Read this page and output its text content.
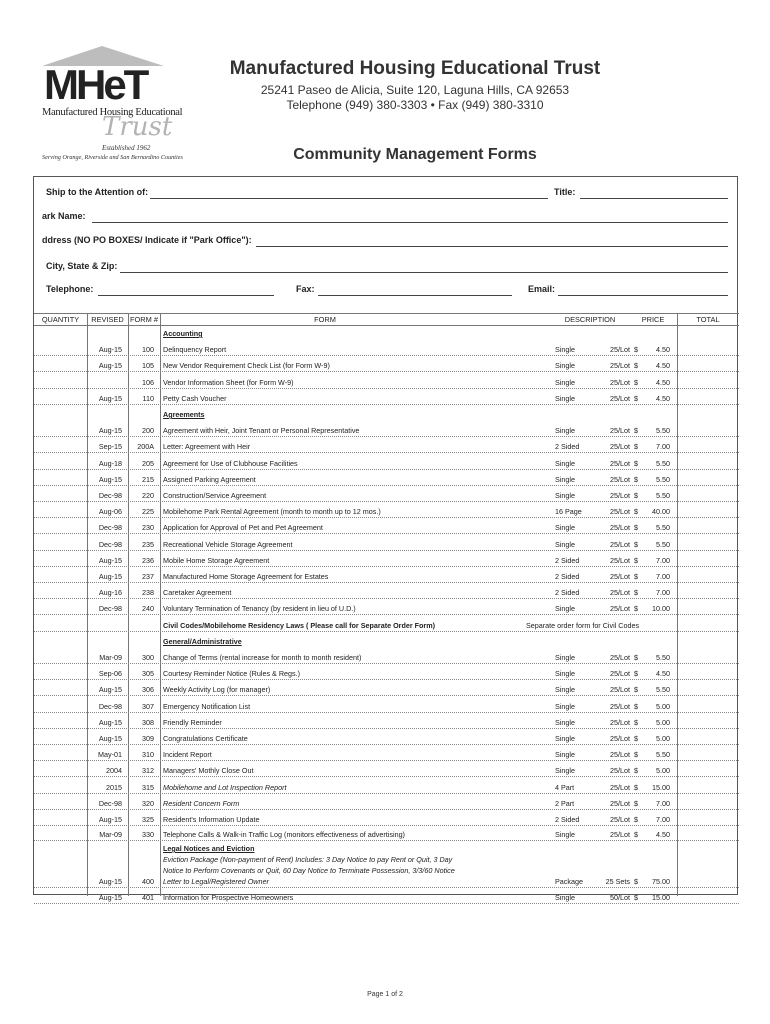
MHeT
Manufactured Housing Educational
Trust
Established 1962
Serving Orange, Riverside and San Bernardino Counties
Manufactured Housing Educational Trust
25241 Paseo de Alicia, Suite 120, Laguna Hills, CA 92653
Telephone (949) 380-3303 • Fax (949) 380-3310
Community Management Forms
Ship to the Attention of:	Title:
ark Name:
ddress (NO PO BOXES/ Indicate if "Park Office"):
City, State & Zip:
Telephone:	Fax:	Email:
QUANTITY	REVISED FORM #	FORM	DESCRIPTION	PRICE	TOTAL
Accounting
Aug-15	100 Delinquency Report	Single	25/Lot $	4.50
Aug-15	105 New Vendor Requirement Check List (for Form W-9)	Single	25/Lot $	4.50
106 Vendor Information Sheet (for Form W-9)	Single	25/Lot $	4.50
Aug-15	110 Petty Cash Voucher	Single	25/Lot $	4.50
Agreements
Aug-15	200 Agreement with Heir, Joint Tenant or Personal Representative	Single	25/Lot $	5.50
Sep-15	200A Letter: Agreement with Heir	2 Sided	25/Lot $	7.00
Aug-18	205 Agreement for Use of Clubhouse Facilities	Single	25/Lot $	5.50
Aug-15	215 Assigned Parking Agreement	Single	25/Lot $	5.50
Dec-98	220 Construction/Service Agreement	Single	25/Lot $	5.50
Aug-06	225 Mobilehome Park Rental Agreement (month to month up to 12 mos.)	16 Page	25/Lot $	40.00
Dec-98	230 Application for Approval of Pet and Pet Agreement	Single	25/Lot $	5.50
Dec-98	235 Recreational Vehicle Storage Agreement	Single	25/Lot $	5.50
Aug-15	236 Mobile Home Storage Agreement	2 Sided	25/Lot $	7.00
Aug-15	237 Manufactured Home Storage Agreement for Estates	2 Sided	25/Lot $	7.00
Aug-16	238 Caretaker Agreement	2 Sided	25/Lot $	7.00
Dec-98	240 Voluntary Termination of Tenancy (by resident in lieu of U.D.)	Single	25/Lot $	10.00
Civil Codes/Mobilehome Residency Laws ( Please call for Separate Order Form)	Separate order form for Civil Codes
General/Administrative
Mar-09	300 Change of Terms (rental increase for month to month resident)	Single	25/Lot $	5.50
Sep-06	305 Courtesy Reminder Notice (Rules & Regs.)	Single	25/Lot $	4.50
Aug-15	306 Weekly Activity Log (for manager)	Single	25/Lot $	5.50
Dec-98	307 Emergency Notification List	Single	25/Lot $	5.00
Aug-15	308 Friendly Reminder	Single	25/Lot $	5.00
Aug-15	309 Congratulations Certificate	Single	25/Lot $	5.00
May-01	310 Incident Report	Single	25/Lot $	5.50
2004	312 Managers' Mothly Close Out	Single	25/Lot $	5.00
2015	315 Mobilehome and Lot Inspection Report	4 Part	25/Lot $	15.00
Dec-98	320 Resident Concern Form	2 Part	25/Lot $	7.00
Aug-15	325 Resident's Information Update	2 Sided	25/Lot $	7.00
Mar-09	330 Telephone Calls & Walk-in Traffic Log (monitors effectiveness of advertising)	Single	25/Lot $	4.50
Legal Notices and Eviction
Aug-15	400
Eviction Package (Non-payment of Rent) Includes: 3 Day Notice to pay Rent or Quit, 3 Day
Notice to Perform Covenants or Quit, 60 Day Notice to Terminate Possession, 3/3/60 Notice
Letter to Legal/Registered Owner	Package	25 Sets $	75.00
Aug-15	401 Information for Prospective Homeowners	Single	50/Lot $	15.00
Page 1 of 2
